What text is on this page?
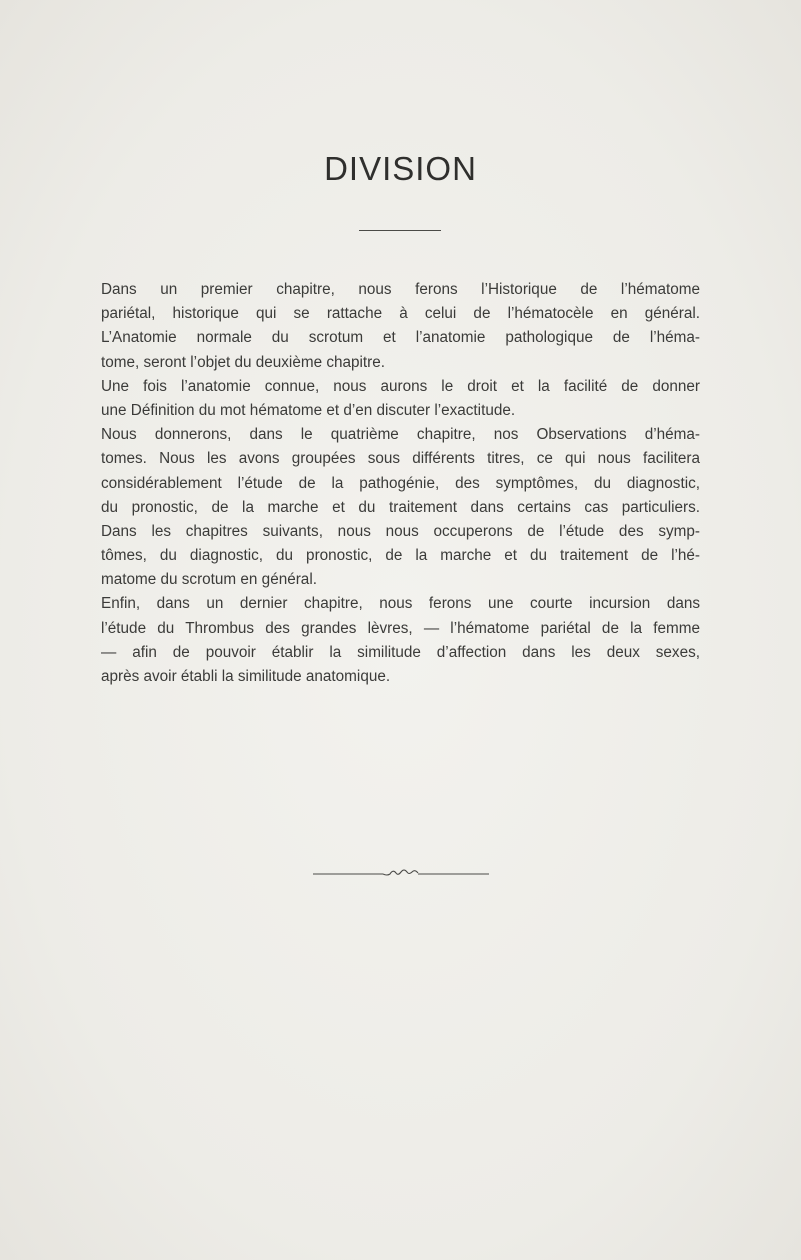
DIVISION
Dans un premier chapitre, nous ferons l’Historique de l’hématome
pariétal, historique qui se rattache à celui de l’hématocèle en général.
L’Anatomie normale du scrotum et l’anatomie pathologique de l’héma-
tome, seront l’objet du deuxième chapitre.
Une fois l’anatomie connue, nous aurons le droit et la facilité de donner
une Définition du mot hématome et d’en discuter l’exactitude.
Nous donnerons, dans le quatrième chapitre, nos Observations d’héma-
tomes. Nous les avons groupées sous différents titres, ce qui nous facilitera
considérablement l’étude de la pathogénie, des symptômes, du diagnostic,
du pronostic, de la marche et du traitement dans certains cas particuliers.
Dans les chapitres suivants, nous nous occuperons de l’étude des symp-
tômes, du diagnostic, du pronostic, de la marche et du traitement de l’hé-
matome du scrotum en général.
Enfin, dans un dernier chapitre, nous ferons une courte incursion dans
l’étude du Thrombus des grandes lèvres, — l’hématome pariétal de la femme
— afin de pouvoir établir la similitude d’affection dans les deux sexes,
après avoir établi la similitude anatomique.
